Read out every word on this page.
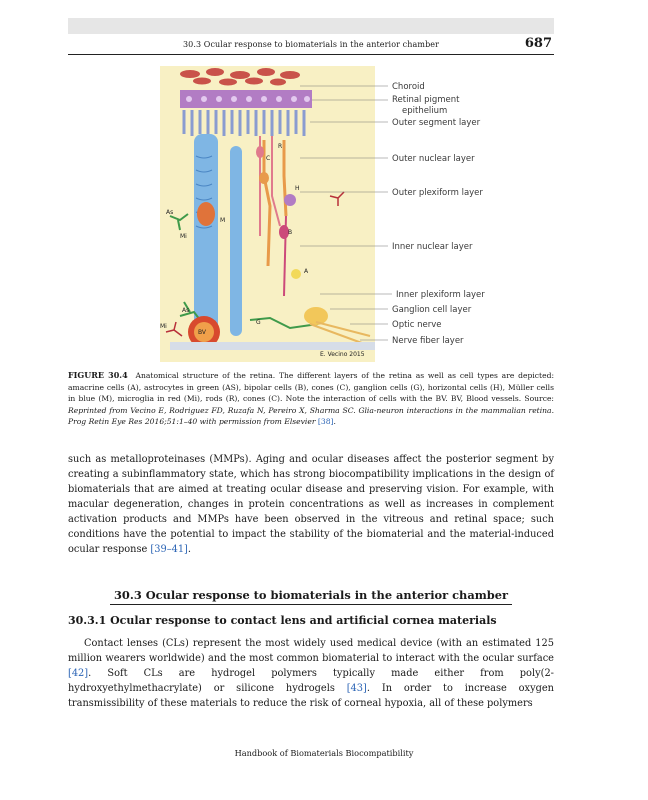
30.3 Ocular response to biomaterials in the anterior chamber	687
R
C
H
M
B
As
Mi
A
As
Mi
BV
G
E. Vecino 2015
Choroid
Retinal pigment
epithelium
Outer segment layer
Outer nuclear layer
Outer plexiform layer
Inner nuclear layer
Inner plexiform layer
Ganglion cell layer
Optic nerve
Nerve fiber layer
FIGURE 30.4 Anatomical structure of the retina. The different layers of the retina as well as cell types are depicted: amacrine cells (A), astrocytes in green (AS), bipolar cells (B), cones (C), ganglion cells (G), horizontal cells (H), Müller cells in blue (M), microglia in red (Mi), rods (R), cones (C). Note the interaction of cells with the BV. BV, Blood vessels. Source: Reprinted from Vecino E, Rodriguez FD, Ruzafa N, Pereiro X, Sharma SC. Glia-neuron interactions in the mammalian retina. Prog Retin Eye Res 2016;51:1–40 with permission from Elsevier [38].

such as metalloproteinases (MMPs). Aging and ocular diseases affect the posterior segment by creating a subinflammatory state, which has strong biocompatibility implications in the design of biomaterials that are aimed at treating ocular disease and preserving vision. For example, with macular degeneration, changes in protein concentrations as well as increases in complement activation products and MMPs have been observed in the vitreous and retinal space; such conditions have the potential to impact the stability of the biomaterial and the material-induced ocular response [39–41].

30.3 Ocular response to biomaterials in the anterior chamber
30.3.1 Ocular response to contact lens and artificial cornea materials

Contact lenses (CLs) represent the most widely used medical device (with an estimated 125 million wearers worldwide) and the most common biomaterial to interact with the ocular surface [42]. Soft CLs are hydrogel polymers typically made either from poly(2-hydroxyethylmethacrylate) or silicone hydrogels [43]. In order to increase oxygen transmissibility of these materials to reduce the risk of corneal hypoxia, all of these polymers

Handbook of Biomaterials Biocompatibility
